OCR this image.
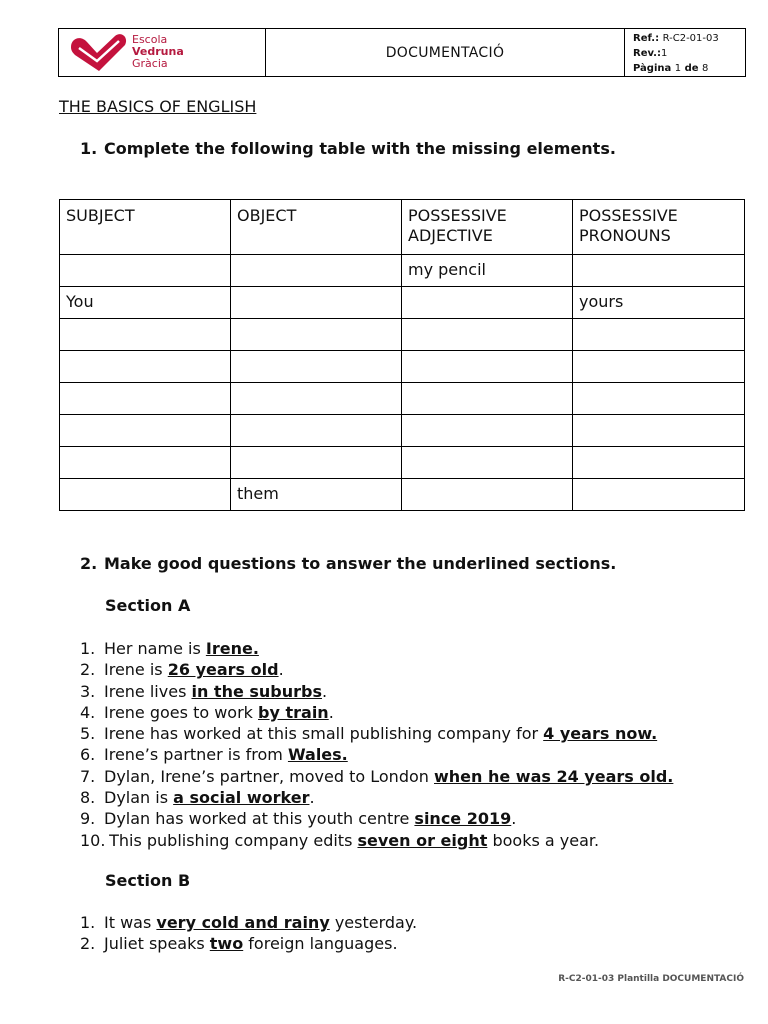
Escola
Vedruna
Gràcia
DOCUMENTACIÓ
Ref.: R-C2-01-03
Rev.:1
Pàgina 1 de 8
THE BASICS OF ENGLISH
1. Complete the following table with the missing elements.
SUBJECT	OBJECT	POSSESSIVE ADJECTIVE	POSSESSIVE PRONOUNS
		my pencil	
You			yours

	them		
2. Make good questions to answer the underlined sections.
Section A
1. Her name is Irene.
2. Irene is 26 years old.
3. Irene lives in the suburbs.
4. Irene goes to work by train.
5. Irene has worked at this small publishing company for 4 years now.
6. Irene’s partner is from Wales.
7. Dylan, Irene’s partner, moved to London when he was 24 years old.
8. Dylan is a social worker.
9. Dylan has worked at this youth centre since 2019.
10. This publishing company edits seven or eight books a year.
Section B
1. It was very cold and rainy yesterday.
2. Juliet speaks two foreign languages.
R-C2-01-03 Plantilla DOCUMENTACIÓ
